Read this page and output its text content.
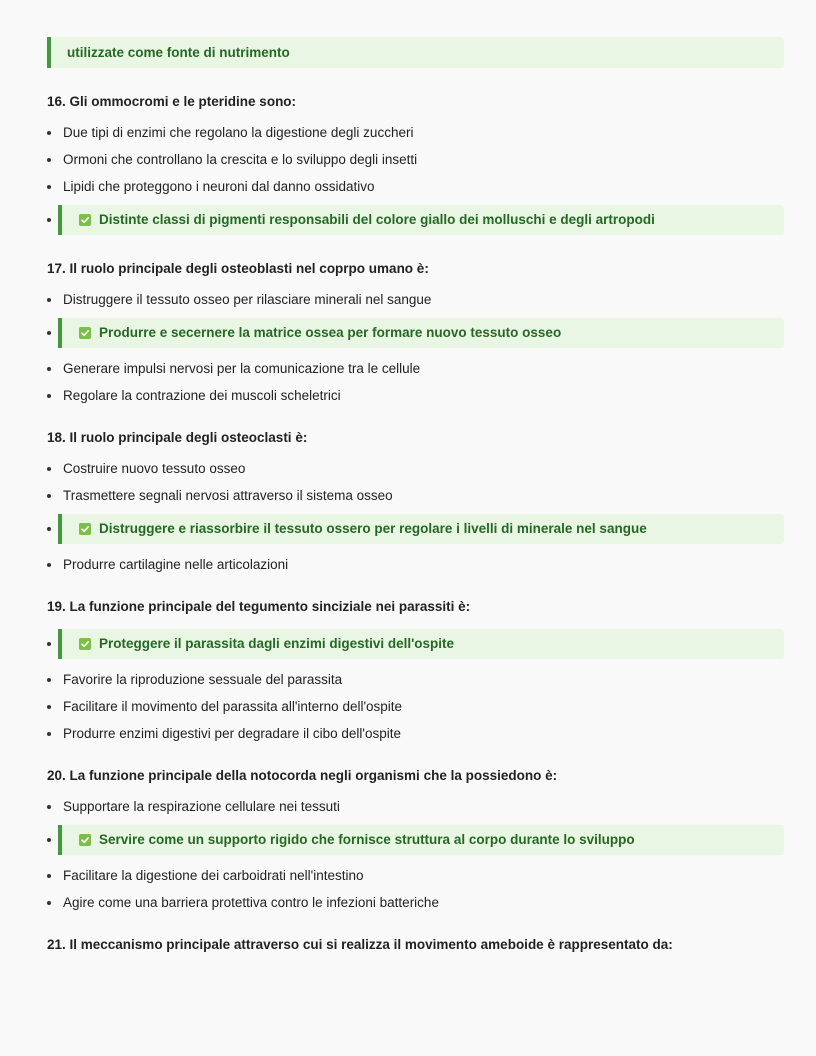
utilizzate come fonte di nutrimento
16. Gli ommocromi e le pteridine sono:
Due tipi di enzimi che regolano la digestione degli zuccheri
Ormoni che controllano la crescita e lo sviluppo degli insetti
Lipidi che proteggono i neuroni dal danno ossidativo
Distinte classi di pigmenti responsabili del colore giallo dei molluschi e degli artropodi
17. Il ruolo principale degli osteoblasti nel coprpo umano è:
Distruggere il tessuto osseo per rilasciare minerali nel sangue
Produrre e secernere la matrice ossea per formare nuovo tessuto osseo
Generare impulsi nervosi per la comunicazione tra le cellule
Regolare la contrazione dei muscoli scheletrici
18. Il ruolo principale degli osteoclasti è:
Costruire nuovo tessuto osseo
Trasmettere segnali nervosi attraverso il sistema osseo
Distruggere e riassorbire il tessuto ossero per regolare i livelli di minerale nel sangue
Produrre cartilagine nelle articolazioni
19. La funzione principale del tegumento sinciziale nei parassiti è:
Proteggere il parassita dagli enzimi digestivi dell'ospite
Favorire la riproduzione sessuale del parassita
Facilitare il movimento del parassita all'interno dell'ospite
Produrre enzimi digestivi per degradare il cibo dell'ospite
20. La funzione principale della notocorda negli organismi che la possiedono è:
Supportare la respirazione cellulare nei tessuti
Servire come un supporto rigido che fornisce struttura al corpo durante lo sviluppo
Facilitare la digestione dei carboidrati nell'intestino
Agire come una barriera protettiva contro le infezioni batteriche
21. Il meccanismo principale attraverso cui si realizza il movimento ameboide è rappresentato da:
